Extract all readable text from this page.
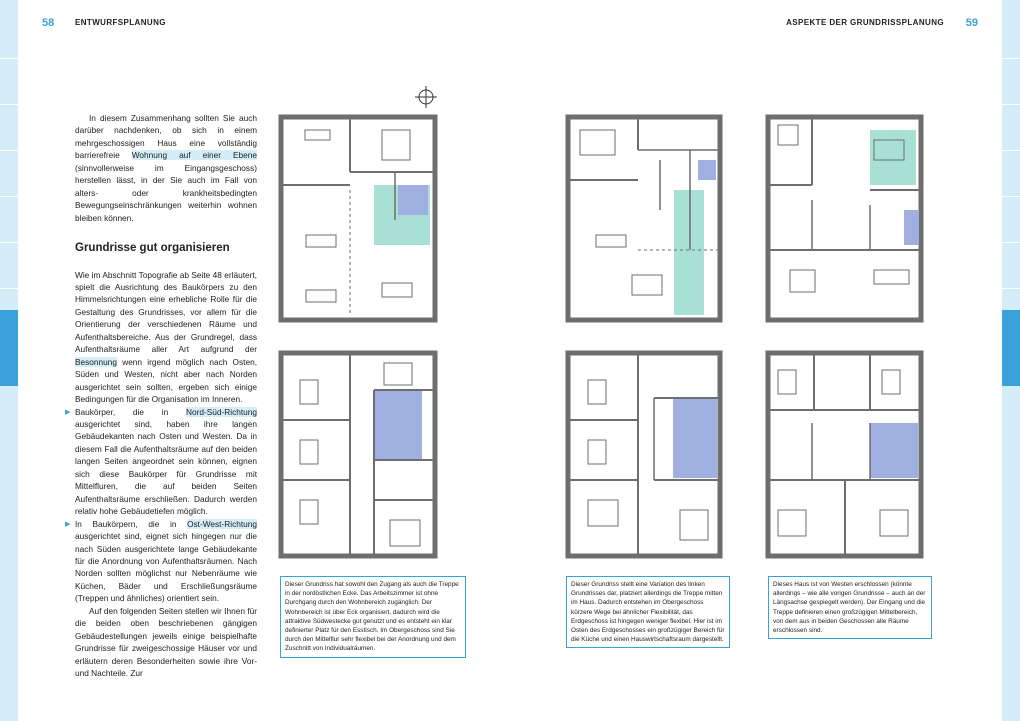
58	ENTWURFSPLANUNG	ASPEKTE DER GRUNDRISSPLANUNG 59

In diesem Zusammenhang sollten Sie auch darüber nachdenken, ob sich in einem mehrgeschossigen Haus eine vollständig barrierefreie Wohnung auf einer Ebene (sinnvollerweise im Eingangsgeschoss) herstellen lässt, in der Sie auch im Fall von alters- oder krankheitsbedingten Bewegungseinschränkungen weiterhin wohnen bleiben können.

Grundrisse gut organisieren

Wie im Abschnitt Topografie ab Seite 48 erläutert, spielt die Ausrichtung des Baukörpers zu den Himmelsrichtungen eine erhebliche Rolle für die Gestaltung des Grundrisses, vor allem für die Orientierung der verschiedenen Räume und Aufenthaltsbereiche. Aus der Grundregel, dass Aufenthaltsräume aller Art aufgrund der Besonnung wenn irgend möglich nach Osten, Süden und Westen, nicht aber nach Norden ausgerichtet sein sollten, ergeben sich einige Bedingungen für die Organisation im Inneren.

▶ Baukörper, die in Nord-Süd-Richtung ausgerichtet sind, haben ihre langen Gebäudekanten nach Osten und Westen. Da in diesem Fall die Aufenthaltsräume auf den beiden langen Seiten angeordnet sein können, eignen sich diese Baukörper für Grundrisse mit Mittelfluren, die auf beiden Seiten Aufenthaltsräume erschließen. Dadurch werden relativ hohe Gebäudetiefen möglich.

▶ In Baukörpern, die in Ost-West-Richtung ausgerichtet sind, eignet sich hingegen nur die nach Süden ausgerichtete lange Gebäudekante für die Anordnung von Aufenthaltsräumen. Nach Norden sollten möglichst nur Nebenräume wie Küchen, Bäder und Erschließungsräume (Treppen und ähnliches) orientiert sein.

Auf den folgenden Seiten stellen wir Ihnen für die beiden oben beschriebenen gängigen Gebäudestellungen jeweils einige beispielhafte Grundrisse für zweigeschossige Häuser vor und erläutern deren Besonderheiten sowie ihre Vor- und Nachteile. Zur

Dieser Grundriss hat sowohl den Zugang als auch die Treppe in der nordöstlichen Ecke. Das Arbeitszimmer ist ohne Durchgang durch den Wohnbereich zugänglich. Der Wohnbereich ist über Eck organisiert, dadurch wird die attraktive Südwestecke gut genutzt und es entsteht ein klar definierter Platz für den Esstisch. Im Obergeschoss sind Sie durch den Mittelflur sehr flexibel bei der Anordnung und dem Zuschnitt von Individualräumen.
Dieser Grundriss stellt eine Variation des linken Grundrisses dar, platziert allerdings die Treppe mitten im Haus. Dadurch entstehen im Obergeschoss kürzere Wege bei ähnlicher Flexibilität, das Erdgeschoss ist hingegen weniger flexibel. Hier ist im Osten des Erdgeschosses ein großzügiger Bereich für die Küche und einen Hauswirtschaftsraum dargestellt.
Dieses Haus ist von Westen erschlossen (könnte allerdings – wie alle vorigen Grundrisse – auch an der Längsachse gespiegelt werden). Der Eingang und die Treppe definieren einen großzügigen Mittelbereich, von dem aus in beiden Geschossen alle Räume erschlossen sind.
